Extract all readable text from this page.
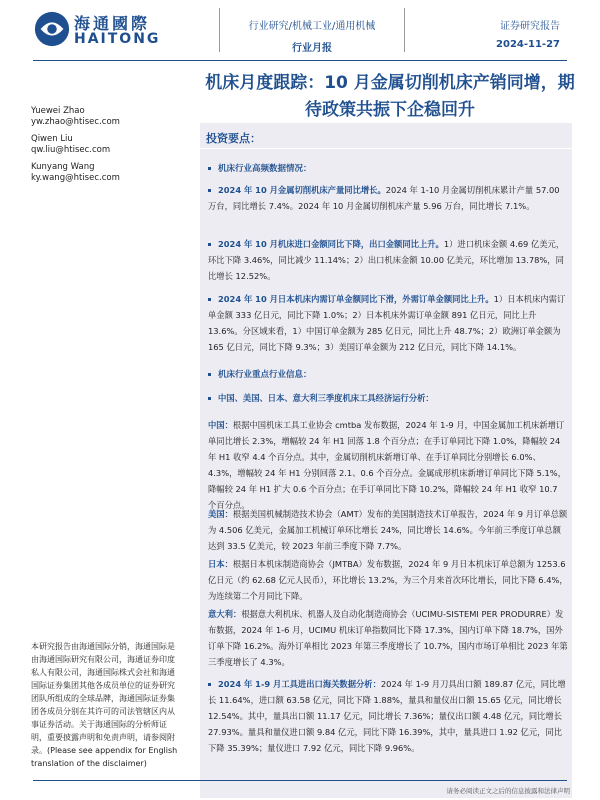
海通國際
HAITONG
行业研究/机械工业/通用机械
行业月报
证券研究报告
2024-11-27
机床月度跟踪：10 月金属切削机床产销同增，期待政策共振下企稳回升
Yuewei Zhao
yw.zhao@htisec.com
Qiwen Liu
qw.liu@htisec.com
Kunyang Wang
ky.wang@htisec.com
投资要点：
机床行业高频数据情况：
2024 年 10 月金属切削机床产量同比增长。2024 年 1-10 月金属切削机床累计产量 57.00 万台，同比增长 7.4%。2024 年 10 月金属切削机床产量 5.96 万台，同比增长 7.1%。
2024 年 10 月机床进口金额同比下降，出口金额同比上升。1）进口机床金额 4.69 亿美元，环比下降 3.46%，同比减少 11.14%；2）出口机床金额 10.00 亿美元，环比增加 13.78%，同比增长 12.52%。
2024 年 10 月日本机床内需订单金额同比下滑，外需订单金额同比上升。1）日本机床内需订单金额 333 亿日元，同比下降 1.0%；2）日本机床外需订单金额 891 亿日元，同比上升 13.6%。分区域来看，1）中国订单金额为 285 亿日元，同比上升 48.7%；2）欧洲订单金额为 165 亿日元，同比下降 9.3%；3）美国订单金额为 212 亿日元，同比下降 14.1%。
机床行业重点行业信息：
中国、美国、日本、意大利三季度机床工具经济运行分析：
中国：根据中国机床工具工业协会 cmtba 发布数据，2024 年 1-9 月，中国金属加工机床新增订单同比增长 2.3%，增幅较 24 年 H1 回落 1.8 个百分点；在手订单同比下降 1.0%，降幅较 24 年 H1 收窄 4.4 个百分点。其中，金属切削机床新增订单、在手订单同比分别增长 6.0%、4.3%，增幅较 24 年 H1 分别回落 2.1、0.6 个百分点。金属成形机床新增订单同比下降 5.1%，降幅较 24 年 H1 扩大 0.6 个百分点；在手订单同比下降 10.2%，降幅较 24 年 H1 收窄 10.7 个百分点。
美国：根据美国机械制造技术协会（AMT）发布的美国制造技术订单报告，2024 年 9 月订单总额为 4.506 亿美元，金属加工机械订单环比增长 24%，同比增长 14.6%。今年前三季度订单总额达到 33.5 亿美元，较 2023 年前三季度下降 7.7%。
日本：根据日本机床制造商协会（JMTBA）发布数据，2024 年 9 月日本机床订单总额为 1253.6 亿日元（约 62.68 亿元人民币），环比增长 13.2%，为三个月来首次环比增长，同比下降 6.4%，为连续第二个月同比下降。
意大利：根据意大利机床、机器人及自动化制造商协会（UCIMU-SISTEMI PER PRODURRE）发布数据，2024 年 1-6 月，UCIMU 机床订单指数同比下降 17.3%，国内订单下降 18.7%，国外订单下降 16.2%。海外订单相比 2023 年第三季度增长了 10.7%，国内市场订单相比 2023 年第三季度增长了 4.3%。
2024 年 1-9 月工具进出口海关数据分析：2024 年 1-9 月刀具出口额 189.87 亿元，同比增长 11.64%，进口额 63.58 亿元，同比下降 1.88%，量具和量仪出口额 15.65 亿元，同比增长 12.54%。其中，量具出口额 11.17 亿元，同比增长 7.36%；量仪出口额 4.48 亿元，同比增长 27.93%。量具和量仪进口额 9.84 亿元，同比下降 16.39%，其中，量具进口 1.92 亿元，同比下降 35.39%；量仪进口 7.92 亿元，同比下降 9.96%。
本研究报告由海通国际分销，海通国际是由海通国际研究有限公司，海通证券印度私人有限公司，海通国际株式会社和海通国际证券集团其他各成员单位的证券研究团队所组成的全球品牌，海通国际证券集团各成员分别在其许可的司法管辖区内从事证券活动。关于海通国际的分析师证明，重要披露声明和免责声明，请参阅附录。(Please see appendix for English translation of the disclaimer)
请务必阅读正文之后的信息披露和法律声明
